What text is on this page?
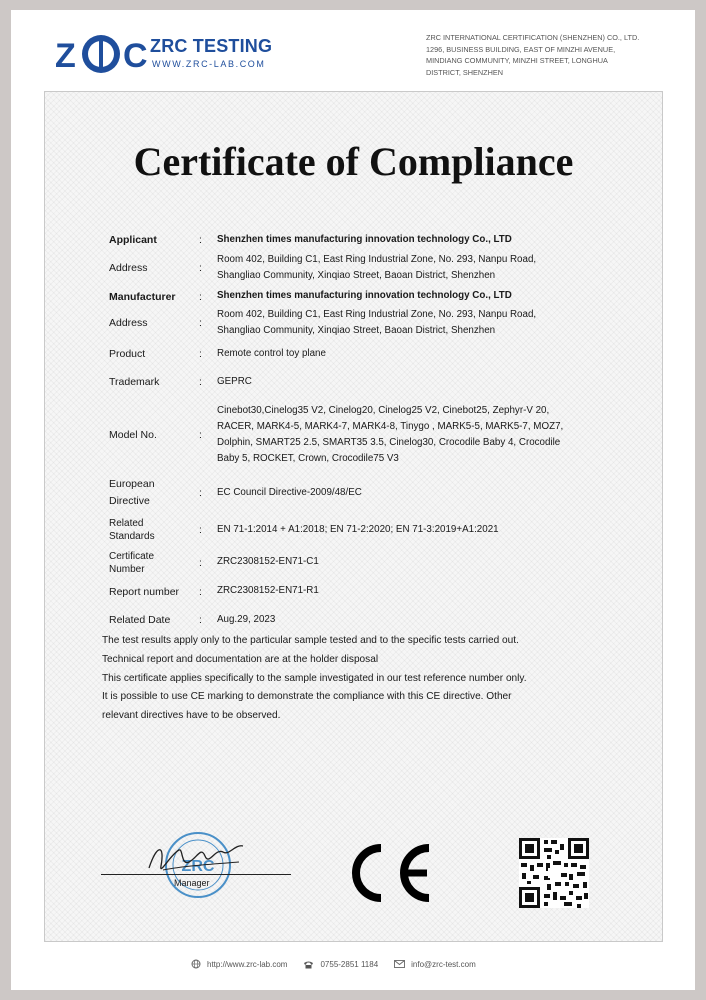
Z C ZRC TESTING
WWW.ZRC-LAB.COM
ZRC INTERNATIONAL CERTIFICATION (SHENZHEN) CO., LTD.
1296, BUSINESS BUILDING, EAST OF MINZHI AVENUE,
MINDIANG COMMUNITY, MINZHI STREET, LONGHUA
DISTRICT, SHENZHEN
Certificate of Compliance
Applicant	:	Shenzhen times manufacturing innovation technology Co., LTD
Address	:
Room 402, Building C1, East Ring Industrial Zone, No. 293, Nanpu Road,
Shangliao Community, Xinqiao Street, Baoan District, Shenzhen
Manufacturer	:	Shenzhen times manufacturing innovation technology Co., LTD
Address	:
Room 402, Building C1, East Ring Industrial Zone, No. 293, Nanpu Road,
Shangliao Community, Xinqiao Street, Baoan District, Shenzhen
Product	:	Remote control toy plane
Trademark	:	GEPRC
Model No.	:
Cinebot30,Cinelog35 V2, Cinelog20, Cinelog25 V2, Cinebot25, Zephyr-V 20,
RACER, MARK4-5, MARK4-7, MARK4-8, Tinygo , MARK5-5, MARK5-7, MOZ7,
Dolphin, SMART25 2.5, SMART35 3.5, Cinelog30, Crocodile Baby 4, Crocodile
Baby 5, ROCKET, Crown, Crocodile75 V3
European
Directive
:	EC Council Directive-2009/48/EC
Related
Standards
:	EN 71-1:2014 + A1:2018; EN 71-2:2020; EN 71-3:2019+A1:2021
Certificate
Number
:	ZRC2308152-EN71-C1
Report number	:	ZRC2308152-EN71-R1
Related Date	:	Aug.29, 2023
The test results apply only to the particular sample tested and to the specific tests carried out.
Technical report and documentation are at the holder disposal
This certificate applies specifically to the sample investigated in our test reference number only.
It is possible to use CE marking to demonstrate the compliance with this CE directive. Other
relevant directives have to be observed.
ZRC
Manager
http://www.zrc-lab.com	0755-2851 1184	info@zrc-test.com
